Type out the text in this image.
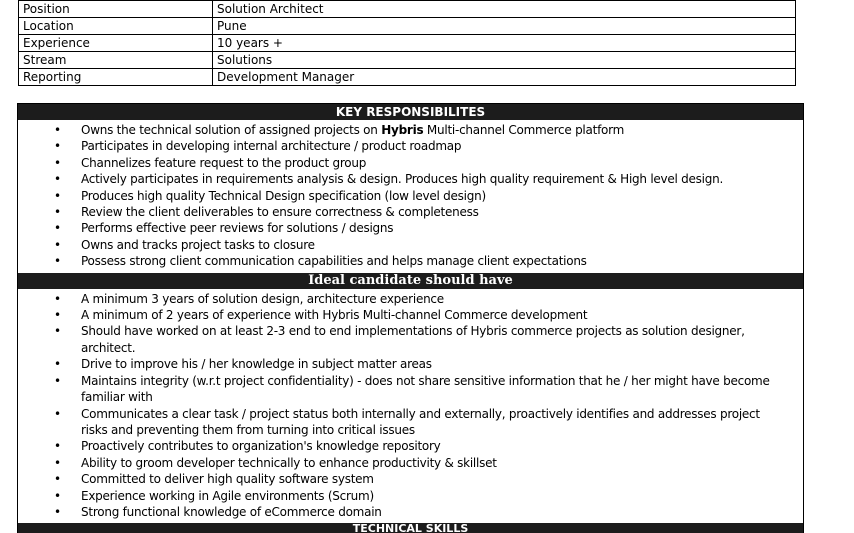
Position	Solution Architect
Location	Pune
Experience	10 years +
Stream	Solutions
Reporting	Development Manager
KEY RESPONSIBILITES
• Owns the technical solution of assigned projects on Hybris Multi-channel Commerce platform
• Participates in developing internal architecture / product roadmap
• Channelizes feature request to the product group
• Actively participates in requirements analysis & design. Produces high quality requirement & High level design.
• Produces high quality Technical Design specification (low level design)
• Review the client deliverables to ensure correctness & completeness
• Performs effective peer reviews for solutions / designs
• Owns and tracks project tasks to closure
• Possess strong client communication capabilities and helps manage client expectations
Ideal candidate should have
• A minimum 3 years of solution design, architecture experience
• A minimum of 2 years of experience with Hybris Multi-channel Commerce development
• Should have worked on at least 2-3 end to end implementations of Hybris commerce projects as solution designer, architect.
• Drive to improve his / her knowledge in subject matter areas
• Maintains integrity (w.r.t project confidentiality) - does not share sensitive information that he / her might have become familiar with
• Communicates a clear task / project status both internally and externally, proactively identifies and addresses project risks and preventing them from turning into critical issues
• Proactively contributes to organization's knowledge repository
• Ability to groom developer technically to enhance productivity & skillset
• Committed to deliver high quality software system
• Experience working in Agile environments (Scrum)
• Strong functional knowledge of eCommerce domain
TECHNICAL SKILLS
